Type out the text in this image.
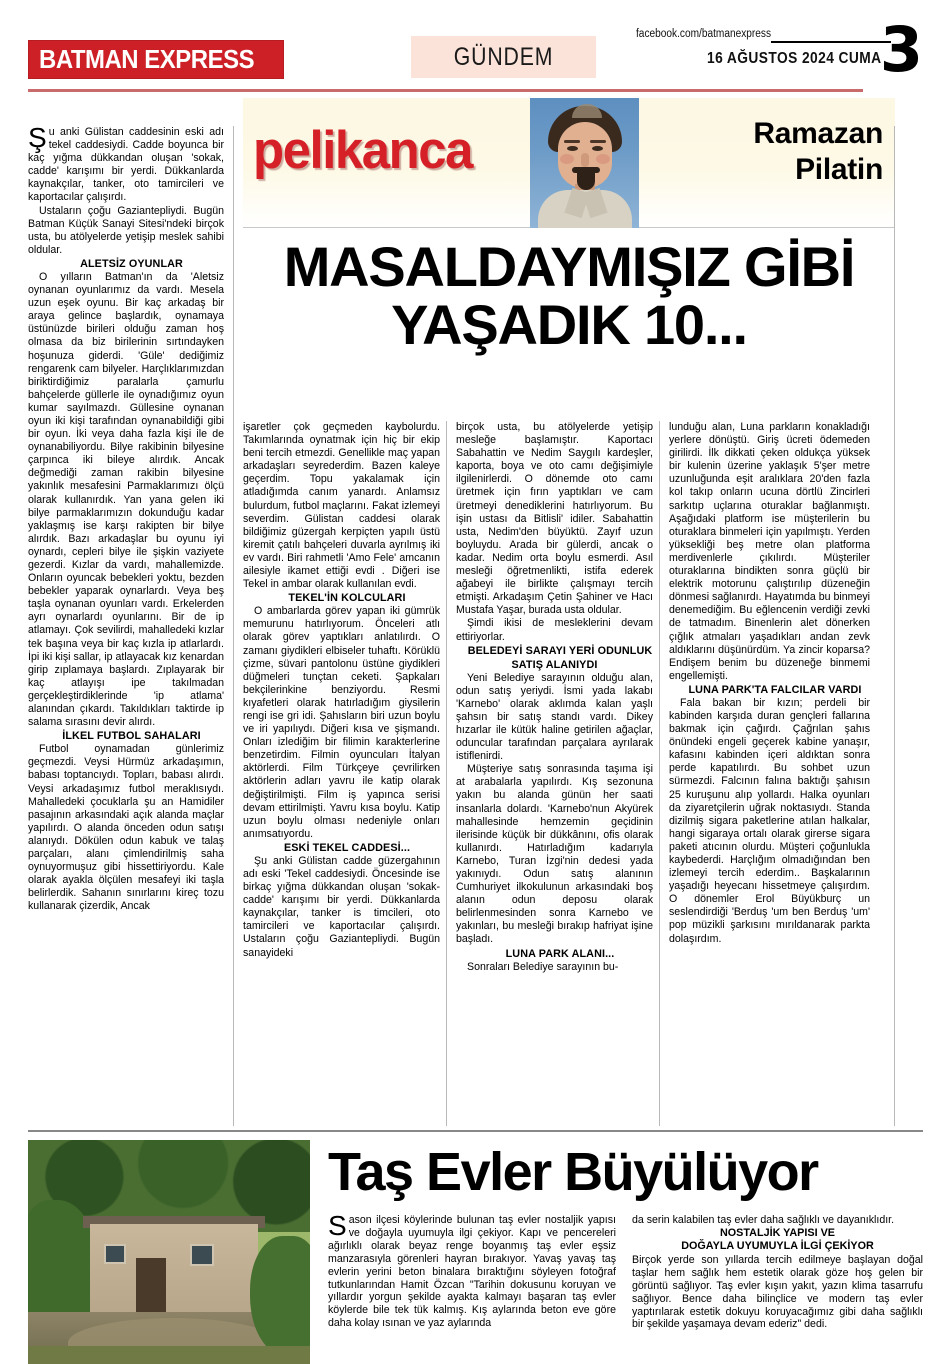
BATMAN EXPRESS	GÜNDEM
facebook.com/batmanexpress
16 AĞUSTOS 2024 CUMA
3
pelikanca	Ramazan
Pilatin
MASALDAYMIŞIZ GİBİ YAŞADIK 10...

Şu anki Gülistan caddesinin eski adı tekel caddesiydi. Cadde boyunca bir kaç yığma dükkandan oluşan 'sokak, cadde' karışımı bir yerdi. Dükkanlarda kaynakçılar, tanker, oto tamircileri ve kaportacılar çalışırdı.

Ustaların çoğu Gaziantepliydi. Bugün Batman Küçük Sanayi Sitesi'ndeki birçok usta, bu atölyelerde yetişip meslek sahibi oldular.

ALETSİZ OYUNLAR

O yılların Batman'ın da 'Aletsiz oynanan oyunlarımız da vardı. Mesela uzun eşek oyunu. Bir kaç arkadaş bir araya gelince başlardık, oynamaya üstünüzde birileri olduğu zaman hoş olmasa da biz birilerinin sırtındayken hoşunuza giderdi. 'Güle' dediğimiz rengarenk cam bilyeler. Harçlıklarımızdan biriktirdiğimiz paralarla çamurlu bahçelerde güllerle ile oynadığımız oyun kumar sayılmazdı. Güllesine oynanan oyun iki kişi tarafından oynanabildiği gibi bir oyun. İki veya daha fazla kişi ile de oynanabiliyordu. Bilye rakibinin bilyesine çarpınca iki bileye alırdık. Ancak değmediği zaman rakibin bilyesine yakınlık mesafesini Parmaklarımızı ölçü olarak kullanırdık. Yan yana gelen iki bilye parmaklarımızın dokunduğu kadar yaklaşmış ise karşı rakipten bir bilye alırdık. Bazı arkadaşlar bu oyunu iyi oynardı, cepleri bilye ile şişkin vaziyete gezerdi. Kızlar da vardı, mahallemizde. Onların oyuncak bebekleri yoktu, bezden bebekler yaparak oynarlardı. Veya beş taşla oynanan oyunları vardı. Erkelerden ayrı oynarlardı oyunlarını. Bir de ip atlamayı. Çok sevilirdi, mahalledeki kızlar tek başına veya bir kaç kızla ip atlarlardı. İpi iki kişi sallar, ip atlayacak kız kenardan girip zıplamaya başlardı. Zıplayarak bir kaç atlayışı ipe takılmadan gerçekleştirdiklerinde 'ip atlama' alanından çıkardı. Takıldıkları taktirde ip salama sırasını devir alırdı.

İLKEL FUTBOL SAHALARI

Futbol oynamadan günlerimiz geçmezdi. Veysi Hürmüz arkadaşımın, babası toptancıydı. Topları, babası alırdı. Veysi arkadaşımız futbol meraklısıydı. Mahalledeki çocuklarla şu an Hamidiler pasajının arkasındaki açık alanda maçlar yapılırdı. O alanda önceden odun satışı alanıydı. Dökülen odun kabuk ve talaş parçaları, alanı çimlendirilmiş saha oynuyormuşuz gibi hissettiriyordu. Kale olarak ayakla ölçülen mesafeyi iki taşla belirlerdik. Sahanın sınırlarını kireç tozu kullanarak çizerdik, Ancak

işaretler çok geçmeden kaybolurdu. Takımlarında oynatmak için hiç bir ekip beni tercih etmezdi. Genellikle maç yapan arkadaşları seyrederdim. Bazen kaleye geçerdim. Topu yakalamak için atladığımda canım yanardı. Anlamsız bulurdum, futbol maçlarını. Fakat izlemeyi severdim. Gülistan caddesi olarak bildiğimiz güzergah kerpiçten yapılı üstü kiremit çatılı bahçeleri duvarla ayrılmış iki ev vardı. Biri rahmetli 'Amo Fele' amcanın ailesiyle ikamet ettiği evdi . Diğeri ise Tekel in ambar olarak kullanılan evdi.

TEKEL'İN KOLCULARI

O ambarlarda görev yapan iki gümrük memurunu hatırlıyorum. Önceleri atlı olarak görev yaptıkları anlatılırdı. O zamanı giydikleri elbiseler tuhaftı. Körüklü çizme, süvari pantolonu üstüne giydikleri düğmeleri tunçtan ceketi. Şapkaları bekçilerinkine benziyordu. Resmi kıyafetleri olarak hatırladığım giysilerin rengi ise gri idi. Şahısların biri uzun boylu ve iri yapılıydı. Diğeri kısa ve şişmandı. Onları izlediğim bir filimin karakterlerine benzetirdim. Filmin oyuncuları İtalyan aktörlerdi. Film Türkçeye çevrilirken aktörlerin adları yavru ile katip olarak değiştirilmişti. Film iş yapınca serisi devam ettirilmişti. Yavru kısa boylu. Katip uzun boylu olması nedeniyle onları anımsatıyordu.

ESKİ TEKEL CADDESİ...

Şu anki Gülistan cadde güzergahının adı eski 'Tekel caddesiydi. Öncesinde ise birkaç yığma dükkandan oluşan 'sokak-cadde' karışımı bir yerdi. Dükkanlarda kaynakçılar, tanker is timcileri, oto tamircileri ve kaportacılar çalışırdı. Ustaların çoğu Gaziantepliydi. Bugün sanayideki

birçok usta, bu atölyelerde yetişip mesleğe başlamıştır. Kaportacı Sabahattin ve Nedim Saygılı kardeşler, kaporta, boya ve oto camı değişimiyle ilgilenirlerdi. O dönemde oto camı üretmek için fırın yaptıkları ve cam üretmeyi denediklerini hatırlıyorum. Bu işin ustası da Bitlisli' idiler. Sabahattin usta, Nedim'den büyüktü. Zayıf uzun boyluydu. Arada bir gülerdi, ancak o kadar. Nedim orta boylu esmerdi. Asıl mesleği öğretmenlikti, istifa ederek ağabeyi ile birlikte çalışmayı tercih etmişti. Arkadaşım Çetin Şahiner ve Hacı Mustafa Yaşar, burada usta oldular.

Şimdi ikisi de mesleklerini devam ettiriyorlar.

BELEDEYİ SARAYI YERİ ODUNLUK SATIŞ ALANIYDI

Yeni Belediye sarayının olduğu alan, odun satış yeriydi. İsmi yada lakabı 'Karnebo' olarak aklımda kalan yaşlı şahsın bir satış standı vardı. Dikey hızarlar ile kütük haline getirilen ağaçlar, oduncular tarafından parçalara ayrılarak istiflenirdi.

Müşteriye satış sonrasında taşıma işi at arabalarla yapılırdı. Kış sezonuna yakın bu alanda günün her saati insanlarla dolardı. 'Karnebo'nun Akyürek mahallesinde hemzemin geçidinin ilerisinde küçük bir dükkânını, ofis olarak kullanırdı. Hatırladığım kadarıyla Karnebo, Turan İzgi'nin dedesi yada yakınıydı. Odun satış alanının Cumhuriyet ilkokulunun arkasındaki boş alanın odun deposu olarak belirlenmesinden sonra Karnebo ve yakınları, bu mesleği bırakıp hafriyat işine başladı.

LUNA PARK ALANI...

Sonraları Belediye sarayının bu-

lunduğu alan, Luna parkların konakladığı yerlere dönüştü. Giriş ücreti ödemeden girilirdi. İlk dikkati çeken oldukça yüksek bir kulenin üzerine yaklaşık 5'şer metre uzunluğunda eşit aralıklara 20'den fazla kol takıp onların ucuna dörtlü Zincirleri sarkıtıp uçlarına oturaklar bağlanmıştı. Aşağıdaki platform ise müşterilerin bu oturaklara binmeleri için yapılmıştı. Yerden yüksekliği beş metre olan platforma merdivenlerle çıkılırdı. Müşteriler oturaklarına bindikten sonra güçlü bir elektrik motorunu çalıştırılıp düzeneğin dönmesi sağlanırdı. Hayatımda bu binmeyi denemediğim. Bu eğlencenin verdiği zevki de tatmadım. Binenlerin alet dönerken çığlık atmaları yaşadıkları andan zevk aldıklarını düşünürdüm. Ya zincir koparsa? Endişem benim bu düzeneğe binmemi engellemişti.

LUNA PARK'TA FALCILAR VARDI

Fala bakan bir kızın; perdeli bir kabinden karşıda duran gençleri fallarına bakmak için çağırdı. Çağrılan şahıs önündeki engeli geçerek kabine yanaşır, kafasını kabinden içeri aldıktan sonra perde kapatılırdı. Bu sohbet uzun sürmezdi. Falcının falına baktığı şahısın 25 kuruşunu alıp yollardı. Halka oyunları da ziyaretçilerin uğrak noktasıydı. Standa dizilmiş sigara paketlerine atılan halkalar, hangi sigaraya ortalı olarak girerse sigara paketi atıcının olurdu. Müşteri çoğunlukla kaybederdi. Harçlığım olmadığından ben izlemeyi tercih ederdim.. Başkalarının yaşadığı heyecanı hissetmeye çalışırdım. O dönemler Erol Büyükburç un seslendirdiği 'Berduş 'um ben Berduş 'um' pop müzikli şarkısını mırıldanarak parkta dolaşırdım.

Taş Evler Büyülüyor

Sason ilçesi köylerinde bulunan taş evler nostaljik yapısı ve doğayla uyumuyla ilgi çekiyor. Kapı ve pencereleri ağırlıklı olarak beyaz renge boyanmış taş evler eşsiz manzarasıyla görenleri hayran bırakıyor. Yavaş yavaş taş evlerin yerini beton binalara bıraktığını söyleyen fotoğraf tutkunlarından Hamit Özcan "Tarihin dokusunu koruyan ve yıllardır yorgun şekilde ayakta kalmayı başaran taş evler köylerde bile tek tük kalmış. Kış aylarında beton eve göre daha kolay ısınan ve yaz aylarında

da serin kalabilen taş evler daha sağlıklı ve dayanıklıdır.

NOSTALJİK YAPISI VE

DOĞAYLA UYUMUYLA İLGİ ÇEKİYOR

Birçok yerde son yıllarda tercih edilmeye başlayan doğal taşlar hem sağlık hem estetik olarak göze hoş gelen bir görüntü sağlıyor. Taş evler kışın yakıt, yazın klima tasarrufu sağlıyor. Bence daha bilinçlice ve modern taş evler yaptırılarak estetik dokuyu koruyacağımız gibi daha sağlıklı bir şekilde yaşamaya devam ederiz" dedi.
